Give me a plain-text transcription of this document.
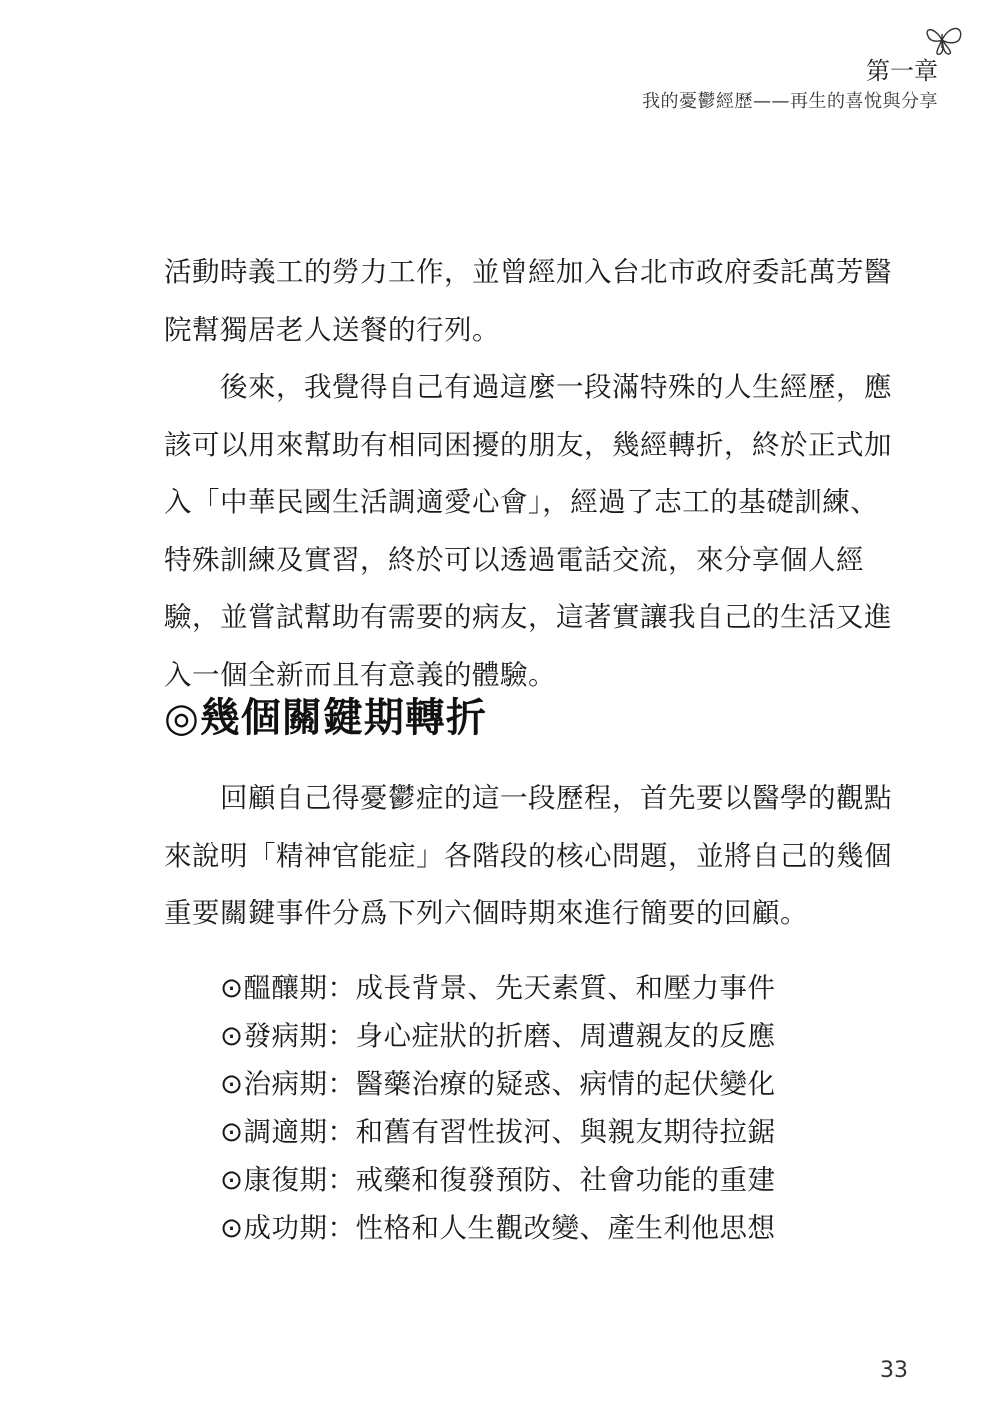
第一章
我的憂鬱經歷——再生的喜悅與分享
活動時義工的勞力工作，並曾經加入台北市政府委託萬芳醫
院幫獨居老人送餐的行列。
後來，我覺得自己有過這麼一段滿特殊的人生經歷，應
該可以用來幫助有相同困擾的朋友，幾經轉折，終於正式加
入「中華民國生活調適愛心會」，經過了志工的基礎訓練、
特殊訓練及實習，終於可以透過電話交流，來分享個人經
驗，並嘗試幫助有需要的病友，這著實讓我自己的生活又進
入一個全新而且有意義的體驗。
◎幾個關鍵期轉折
回顧自己得憂鬱症的這一段歷程，首先要以醫學的觀點
來說明「精神官能症」各階段的核心問題，並將自己的幾個
重要關鍵事件分爲下列六個時期來進行簡要的回顧。
⊙醞釀期：成長背景、先天素質、和壓力事件
⊙發病期：身心症狀的折磨、周遭親友的反應
⊙治病期：醫藥治療的疑惑、病情的起伏變化
⊙調適期：和舊有習性拔河、與親友期待拉鋸
⊙康復期：戒藥和復發預防、社會功能的重建
⊙成功期：性格和人生觀改變、產生利他思想
33
